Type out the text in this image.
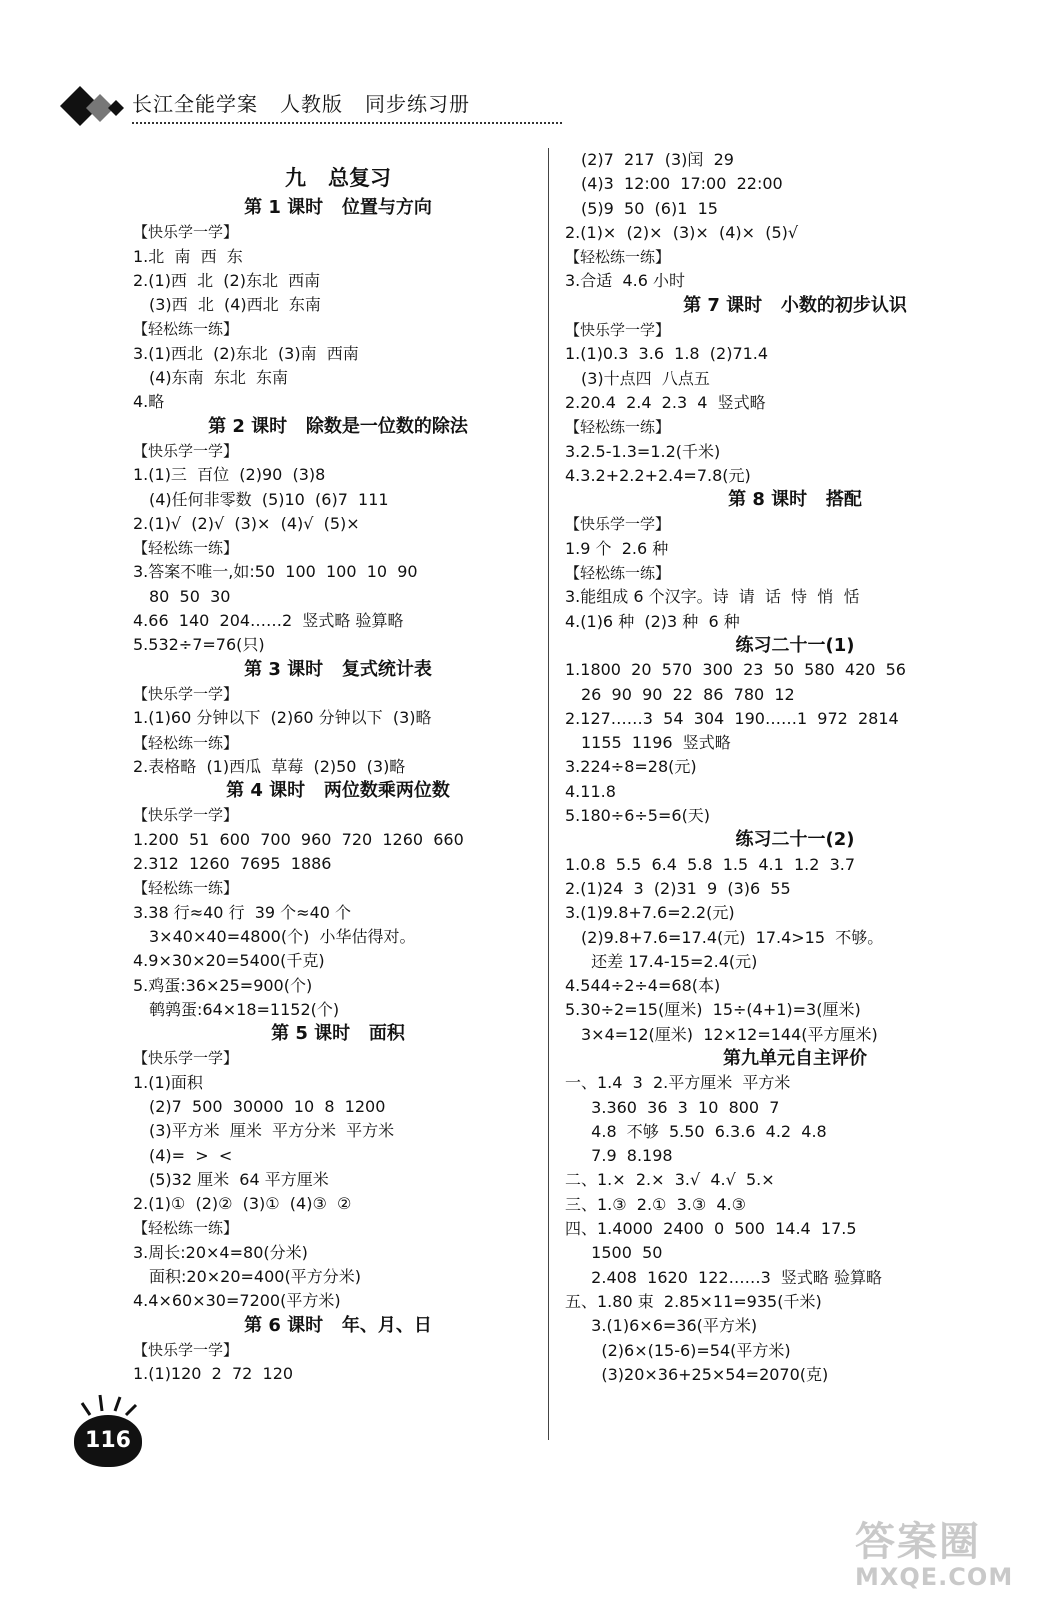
长江全能学案 人教版 同步练习册
九   总复习
第 1 课时   位置与方向
【快乐学一学】
1.北  南  西  东
2.(1)西  北  (2)东北  西南
(3)西  北  (4)西北  东南
【轻松练一练】
3.(1)西北  (2)东北  (3)南  西南
(4)东南  东北  东南
4.略
第 2 课时   除数是一位数的除法
【快乐学一学】
1.(1)三  百位  (2)90  (3)8
(4)任何非零数  (5)10  (6)7  111
2.(1)√  (2)√  (3)×  (4)√  (5)×
【轻松练一练】
3.答案不唯一,如:50  100  100  10  90
80  50  30
4.66  140  204……2  竖式略 验算略
5.532÷7=76(只)
第 3 课时   复式统计表
【快乐学一学】
1.(1)60 分钟以下  (2)60 分钟以下  (3)略
【轻松练一练】
2.表格略  (1)西瓜  草莓  (2)50  (3)略
第 4 课时   两位数乘两位数
【快乐学一学】
1.200  51  600  700  960  720  1260  660
2.312  1260  7695  1886
【轻松练一练】
3.38 行≈40 行  39 个≈40 个
3×40×40=4800(个)  小华估得对。
4.9×30×20=5400(千克)
5.鸡蛋:36×25=900(个)
鹌鹑蛋:64×18=1152(个)
第 5 课时   面积
【快乐学一学】
1.(1)面积
(2)7  500  30000  10  8  1200
(3)平方米  厘米  平方分米  平方米
(4)=  >  <
(5)32 厘米  64 平方厘米
2.(1)①  (2)②  (3)①  (4)③  ②
【轻松练一练】
3.周长:20×4=80(分米)
面积:20×20=400(平方分米)
4.4×60×30=7200(平方米)
第 6 课时   年、月、日
【快乐学一学】
1.(1)120  2  72  120
(2)7  217  (3)闰  29
(4)3  12:00  17:00  22:00
(5)9  50  (6)1  15
2.(1)×  (2)×  (3)×  (4)×  (5)√
【轻松练一练】
3.合适  4.6 小时
第 7 课时   小数的初步认识
【快乐学一学】
1.(1)0.3  3.6  1.8  (2)71.4
(3)十点四  八点五
2.20.4  2.4  2.3  4  竖式略
【轻松练一练】
3.2.5-1.3=1.2(千米)
4.3.2+2.2+2.4=7.8(元)
第 8 课时   搭配
【快乐学一学】
1.9 个  2.6 种
【轻松练一练】
3.能组成 6 个汉字。诗  请  话  恃  悄  恬
4.(1)6 种  (2)3 种  6 种
练习二十一(1)
1.1800  20  570  300  23  50  580  420  56
26  90  90  22  86  780  12
2.127……3  54  304  190……1  972  2814
1155  1196  竖式略
3.224÷8=28(元)
4.11.8
5.180÷6÷5=6(天)
练习二十一(2)
1.0.8  5.5  6.4  5.8  1.5  4.1  1.2  3.7
2.(1)24  3  (2)31  9  (3)6  55
3.(1)9.8+7.6=2.2(元)
(2)9.8+7.6=17.4(元)  17.4>15  不够。
还差 17.4-15=2.4(元)
4.544÷2÷4=68(本)
5.30÷2=15(厘米)  15÷(4+1)=3(厘米)
3×4=12(厘米)  12×12=144(平方厘米)
第九单元自主评价
一、1.4  3  2.平方厘米  平方米
3.360  36  3  10  800  7
4.8  不够  5.50  6.3.6  4.2  4.8
7.9  8.198
二、1.×  2.×  3.√  4.√  5.×
三、1.③  2.①  3.③  4.③
四、1.4000  2400  0  500  14.4  17.5
1500  50
2.408  1620  122……3  竖式略 验算略
五、1.80 束  2.85×11=935(千米)
3.(1)6×6=36(平方米)
(2)6×(15-6)=54(平方米)
(3)20×36+25×54=2070(克)
116
答案圈
MXQE.COM
